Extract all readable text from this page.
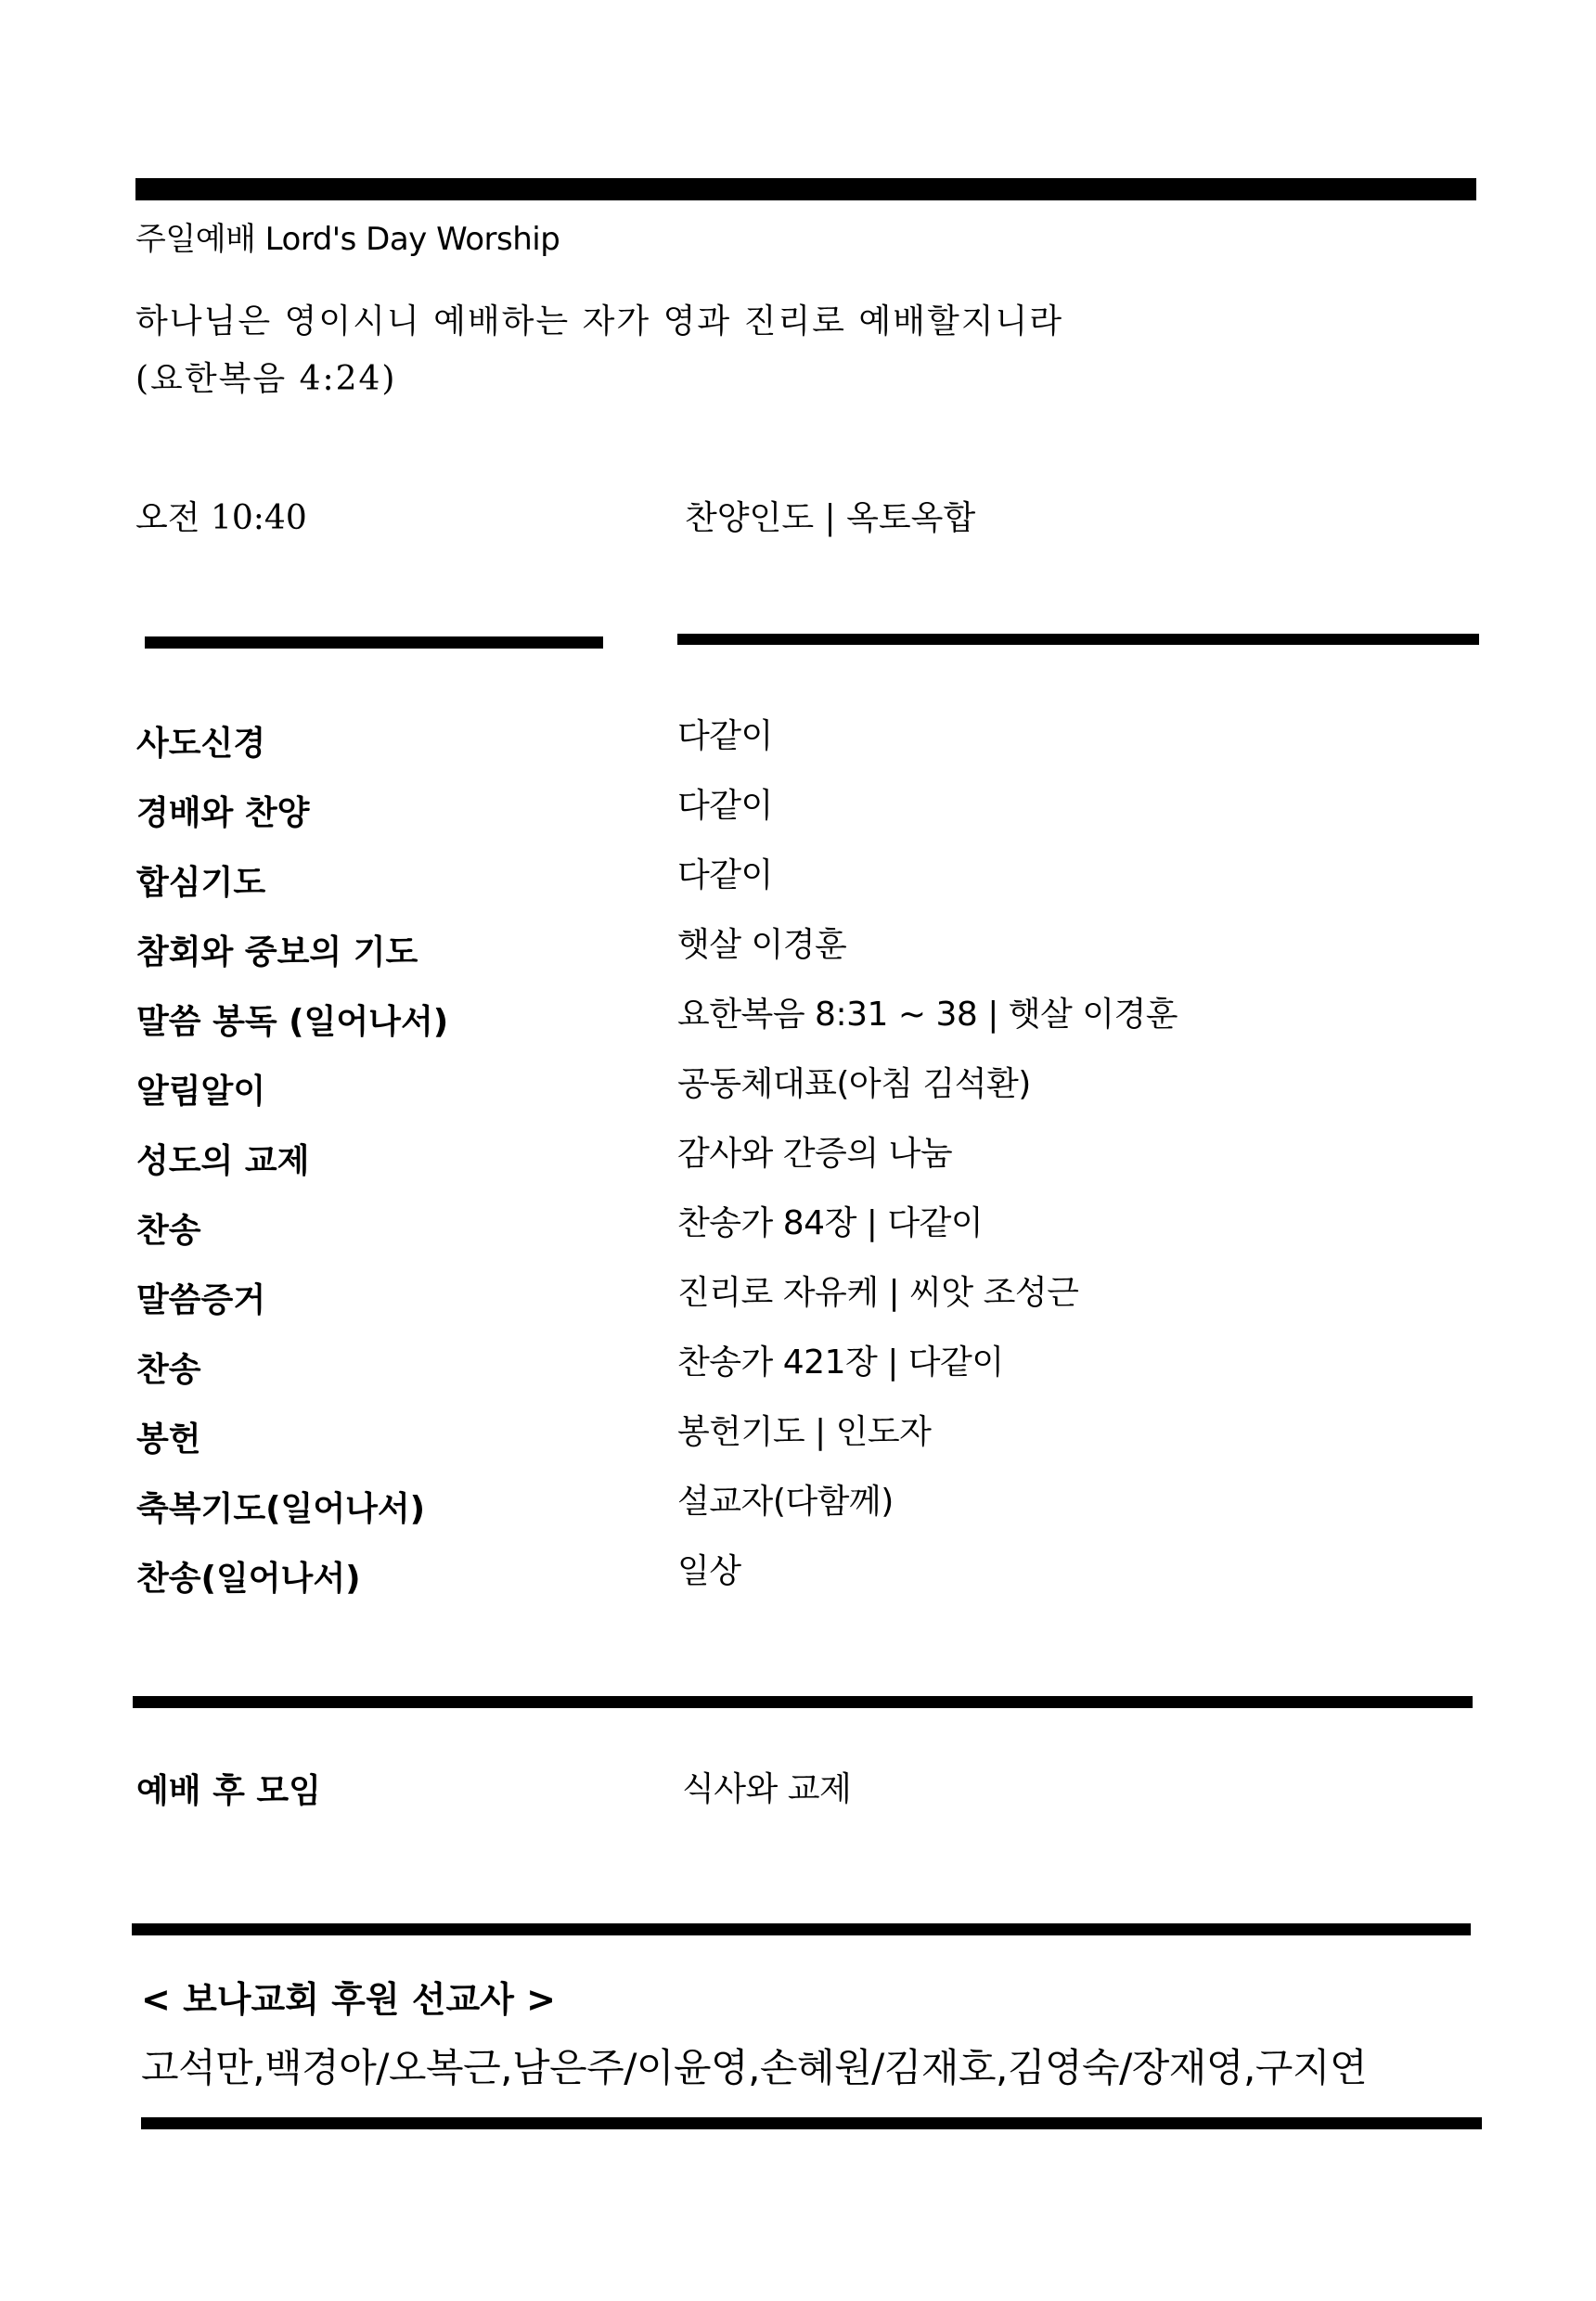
주일예배 Lord's Day Worship
하나님은 영이시니 예배하는 자가 영과 진리로 예배할지니라
(요한복음 4:24)
오전 10:40	찬양인도 | 옥토옥합
사도신경	다같이
경배와 찬양	다같이
합심기도	다같이
참회와 중보의 기도	햇살 이경훈
말씀 봉독 (일어나서)	요한복음 8:31 ~ 38 | 햇살 이경훈
알림알이	공동체대표(아침 김석환)
성도의 교제	감사와 간증의 나눔
찬송	찬송가 84장 | 다같이
말씀증거	진리로 자유케 | 씨앗 조성근
찬송	찬송가 421장 | 다같이
봉헌	봉헌기도 | 인도자
축복기도(일어나서)	설교자(다함께)
찬송(일어나서)	일상
예배 후 모임	식사와 교제
< 보나교회 후원 선교사 >
고석만,백경아/오복근,남은주/이윤영,손혜원/김재호,김영숙/장재영,구지연
